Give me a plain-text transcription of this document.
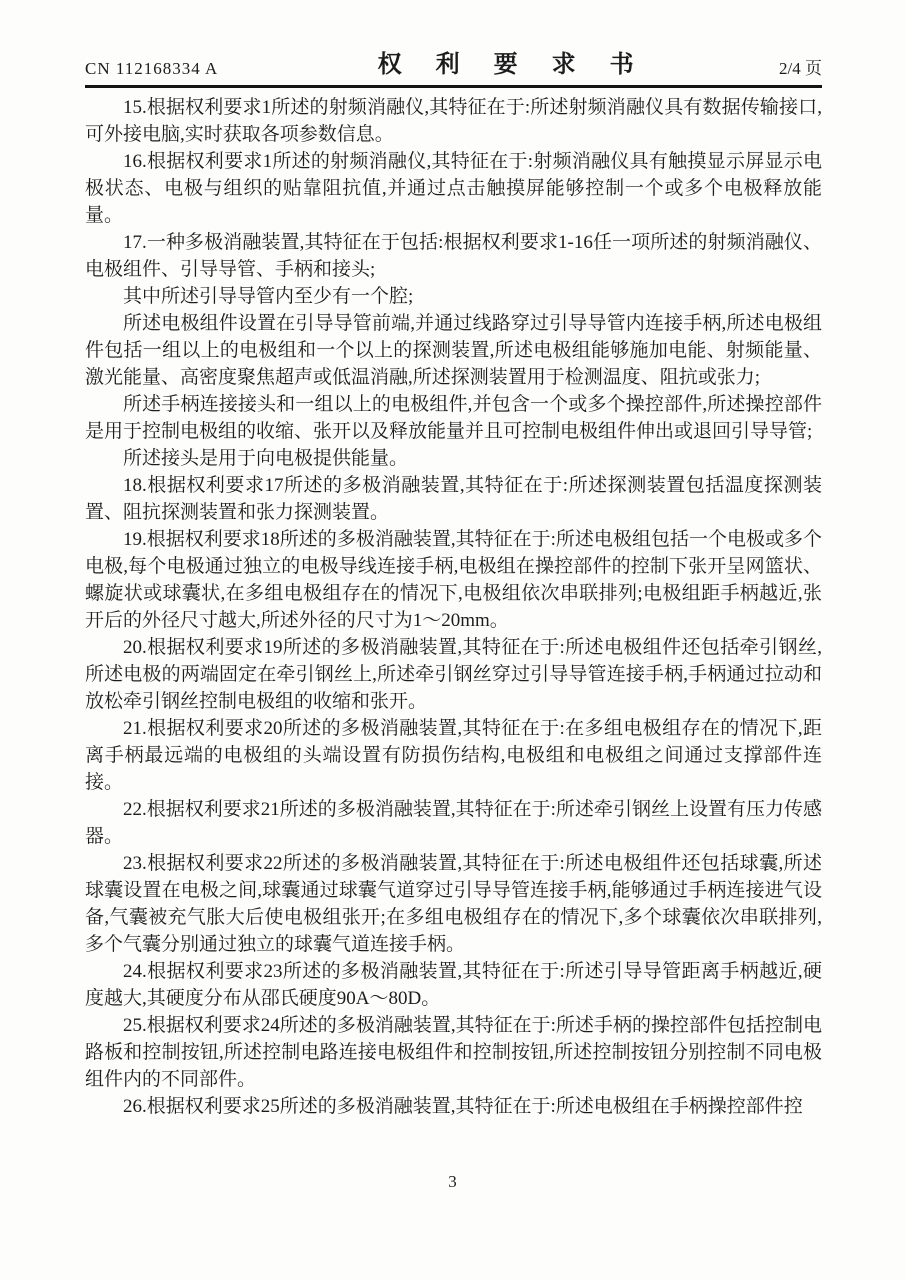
CN 112168334 A	权 利 要 求 书	2/4 页
15.根据权利要求1所述的射频消融仪,其特征在于:所述射频消融仪具有数据传输接口,可外接电脑,实时获取各项参数信息。
16.根据权利要求1所述的射频消融仪,其特征在于:射频消融仪具有触摸显示屏显示电极状态、电极与组织的贴靠阻抗值,并通过点击触摸屏能够控制一个或多个电极释放能量。
17.一种多极消融装置,其特征在于包括:根据权利要求1-16任一项所述的射频消融仪、电极组件、引导导管、手柄和接头;
其中所述引导导管内至少有一个腔;
所述电极组件设置在引导导管前端,并通过线路穿过引导导管内连接手柄,所述电极组件包括一组以上的电极组和一个以上的探测装置,所述电极组能够施加电能、射频能量、激光能量、高密度聚焦超声或低温消融,所述探测装置用于检测温度、阻抗或张力;
所述手柄连接接头和一组以上的电极组件,并包含一个或多个操控部件,所述操控部件是用于控制电极组的收缩、张开以及释放能量并且可控制电极组件伸出或退回引导导管;
所述接头是用于向电极提供能量。
18.根据权利要求17所述的多极消融装置,其特征在于:所述探测装置包括温度探测装置、阻抗探测装置和张力探测装置。
19.根据权利要求18所述的多极消融装置,其特征在于:所述电极组包括一个电极或多个电极,每个电极通过独立的电极导线连接手柄,电极组在操控部件的控制下张开呈网篮状、螺旋状或球囊状,在多组电极组存在的情况下,电极组依次串联排列;电极组距手柄越近,张开后的外径尺寸越大,所述外径的尺寸为1～20mm。
20.根据权利要求19所述的多极消融装置,其特征在于:所述电极组件还包括牵引钢丝,所述电极的两端固定在牵引钢丝上,所述牵引钢丝穿过引导导管连接手柄,手柄通过拉动和放松牵引钢丝控制电极组的收缩和张开。
21.根据权利要求20所述的多极消融装置,其特征在于:在多组电极组存在的情况下,距离手柄最远端的电极组的头端设置有防损伤结构,电极组和电极组之间通过支撑部件连接。
22.根据权利要求21所述的多极消融装置,其特征在于:所述牵引钢丝上设置有压力传感器。
23.根据权利要求22所述的多极消融装置,其特征在于:所述电极组件还包括球囊,所述球囊设置在电极之间,球囊通过球囊气道穿过引导导管连接手柄,能够通过手柄连接进气设备,气囊被充气胀大后使电极组张开;在多组电极组存在的情况下,多个球囊依次串联排列,多个气囊分别通过独立的球囊气道连接手柄。
24.根据权利要求23所述的多极消融装置,其特征在于:所述引导导管距离手柄越近,硬度越大,其硬度分布从邵氏硬度90A～80D。
25.根据权利要求24所述的多极消融装置,其特征在于:所述手柄的操控部件包括控制电路板和控制按钮,所述控制电路连接电极组件和控制按钮,所述控制按钮分别控制不同电极组件内的不同部件。
26.根据权利要求25所述的多极消融装置,其特征在于:所述电极组在手柄操控部件控
3
